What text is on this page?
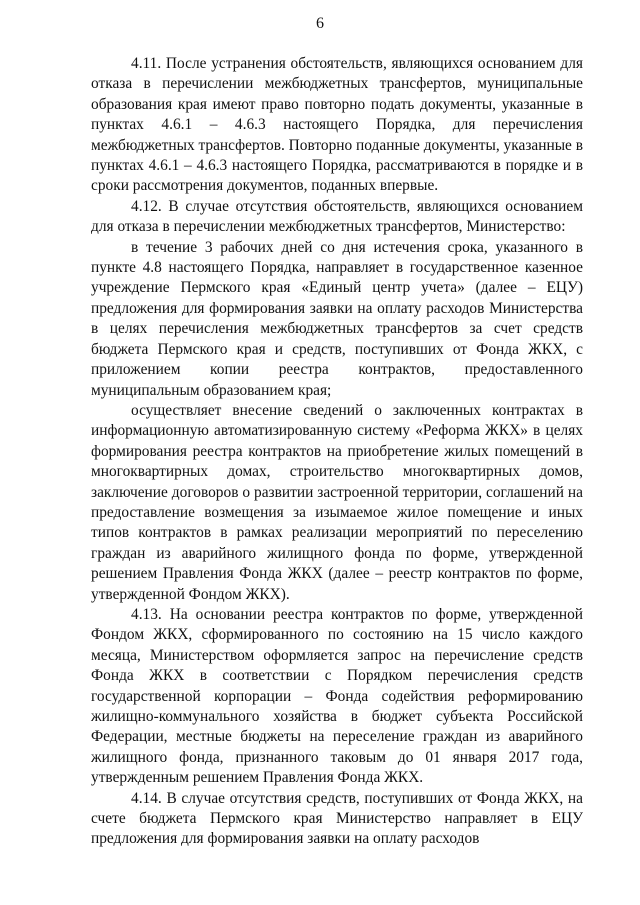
6

4.11. После устранения обстоятельств, являющихся основанием для отказа в перечислении межбюджетных трансфертов, муниципальные образования края имеют право повторно подать документы, указанные в пунктах 4.6.1 – 4.6.3 настоящего Порядка, для перечисления межбюджетных трансфертов. Повторно поданные документы, указанные в пунктах 4.6.1 – 4.6.3 настоящего Порядка, рассматриваются в порядке и в сроки рассмотрения документов, поданных впервые.

4.12. В случае отсутствия обстоятельств, являющихся основанием для отказа в перечислении межбюджетных трансфертов, Министерство:

в течение 3 рабочих дней со дня истечения срока, указанного в пункте 4.8 настоящего Порядка, направляет в государственное казенное учреждение Пермского края «Единый центр учета» (далее – ЕЦУ) предложения для формирования заявки на оплату расходов Министерства в целях перечисления межбюджетных трансфертов за счет средств бюджета Пермского края и средств, поступивших от Фонда ЖКХ, с приложением копии реестра контрактов, предоставленного муниципальным образованием края;

осуществляет внесение сведений о заключенных контрактах в информационную автоматизированную систему «Реформа ЖКХ» в целях формирования реестра контрактов на приобретение жилых помещений в многоквартирных домах, строительство многоквартирных домов, заключение договоров о развитии застроенной территории, соглашений на предоставление возмещения за изымаемое жилое помещение и иных типов контрактов в рамках реализации мероприятий по переселению граждан из аварийного жилищного фонда по форме, утвержденной решением Правления Фонда ЖКХ (далее – реестр контрактов по форме, утвержденной Фондом ЖКХ).

4.13. На основании реестра контрактов по форме, утвержденной Фондом ЖКХ, сформированного по состоянию на 15 число каждого месяца, Министерством оформляется запрос на перечисление средств Фонда ЖКХ в соответствии с Порядком перечисления средств государственной корпорации – Фонда содействия реформированию жилищно-коммунального хозяйства в бюджет субъекта Российской Федерации, местные бюджеты на переселение граждан из аварийного жилищного фонда, признанного таковым до 01 января 2017 года, утвержденным решением Правления Фонда ЖКХ.

4.14. В случае отсутствия средств, поступивших от Фонда ЖКХ, на счете бюджета Пермского края Министерство направляет в ЕЦУ предложения для формирования заявки на оплату расходов
